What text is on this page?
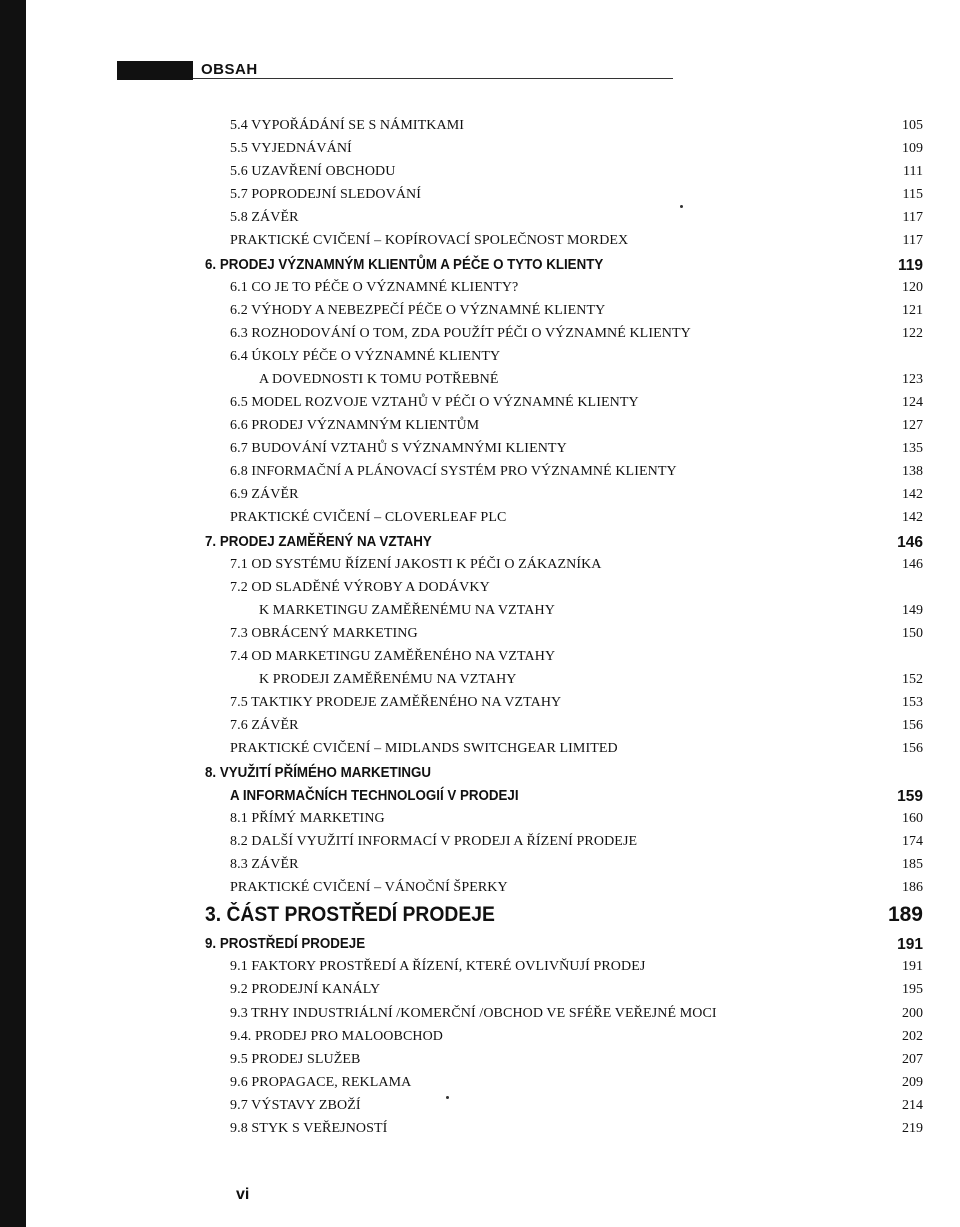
OBSAH
5.4 VYPOŘÁDÁNÍ SE S NÁMITKAMI	105
5.5 VYJEDNÁVÁNÍ	109
5.6 UZAVŘENÍ OBCHODU	111
5.7 POPRODEJNÍ SLEDOVÁNÍ	115
5.8 ZÁVĚR	117
PRAKTICKÉ CVIČENÍ – KOPÍROVACÍ SPOLEČNOST MORDEX	117
6. PRODEJ VÝZNAMNÝM KLIENTŮM A PÉČE O TYTO KLIENTY	119
6.1 CO JE TO PÉČE O VÝZNAMNÉ KLIENTY?	120
6.2 VÝHODY A NEBEZPEČÍ PÉČE O VÝZNAMNÉ KLIENTY	121
6.3 ROZHODOVÁNÍ O TOM, ZDA POUŽÍT PÉČI O VÝZNAMNÉ KLIENTY	122
6.4 ÚKOLY PÉČE O VÝZNAMNÉ KLIENTY
A DOVEDNOSTI K TOMU POTŘEBNÉ	123
6.5 MODEL ROZVOJE VZTAHŮ V PÉČI O VÝZNAMNÉ KLIENTY	124
6.6 PRODEJ VÝZNAMNÝM KLIENTŮM	127
6.7 BUDOVÁNÍ VZTAHŮ S VÝZNAMNÝMI KLIENTY	135
6.8 INFORMAČNÍ A PLÁNOVACÍ SYSTÉM PRO VÝZNAMNÉ KLIENTY	138
6.9 ZÁVĚR	142
PRAKTICKÉ CVIČENÍ – CLOVERLEAF PLC	142
7. PRODEJ ZAMĚŘENÝ NA VZTAHY	146
7.1 OD SYSTÉMU ŘÍZENÍ JAKOSTI K PÉČI O ZÁKAZNÍKA	146
7.2 OD SLADĚNÉ VÝROBY A DODÁVKY
K MARKETINGU ZAMĚŘENÉMU NA VZTAHY	149
7.3 OBRÁCENÝ MARKETING	150
7.4 OD MARKETINGU ZAMĚŘENÉHO NA VZTAHY
K PRODEJI ZAMĚŘENÉMU NA VZTAHY	152
7.5 TAKTIKY PRODEJE ZAMĚŘENÉHO NA VZTAHY	153
7.6 ZÁVĚR	156
PRAKTICKÉ CVIČENÍ – MIDLANDS SWITCHGEAR LIMITED	156
8. VYUŽITÍ PŘÍMÉHO MARKETINGU
A INFORMAČNÍCH TECHNOLOGIÍ V PRODEJI	159
8.1 PŘÍMÝ MARKETING	160
8.2 DALŠÍ VYUŽITÍ INFORMACÍ V PRODEJI A ŘÍZENÍ PRODEJE	174
8.3 ZÁVĚR	185
PRAKTICKÉ CVIČENÍ – VÁNOČNÍ ŠPERKY	186
3. ČÁST PROSTŘEDÍ PRODEJE	189
9. PROSTŘEDÍ PRODEJE	191
9.1 FAKTORY PROSTŘEDÍ A ŘÍZENÍ, KTERÉ OVLIVŇUJÍ PRODEJ	191
9.2 PRODEJNÍ KANÁLY	195
9.3 TRHY INDUSTRIÁLNÍ /KOMERČNÍ /OBCHOD VE SFÉŘE VEŘEJNÉ MOCI	200
9.4. PRODEJ PRO MALOOBCHOD	202
9.5 PRODEJ SLUŽEB	207
9.6 PROPAGACE, REKLAMA	209
9.7 VÝSTAVY ZBOŽÍ	214
9.8 STYK S VEŘEJNOSTÍ	219
vi
